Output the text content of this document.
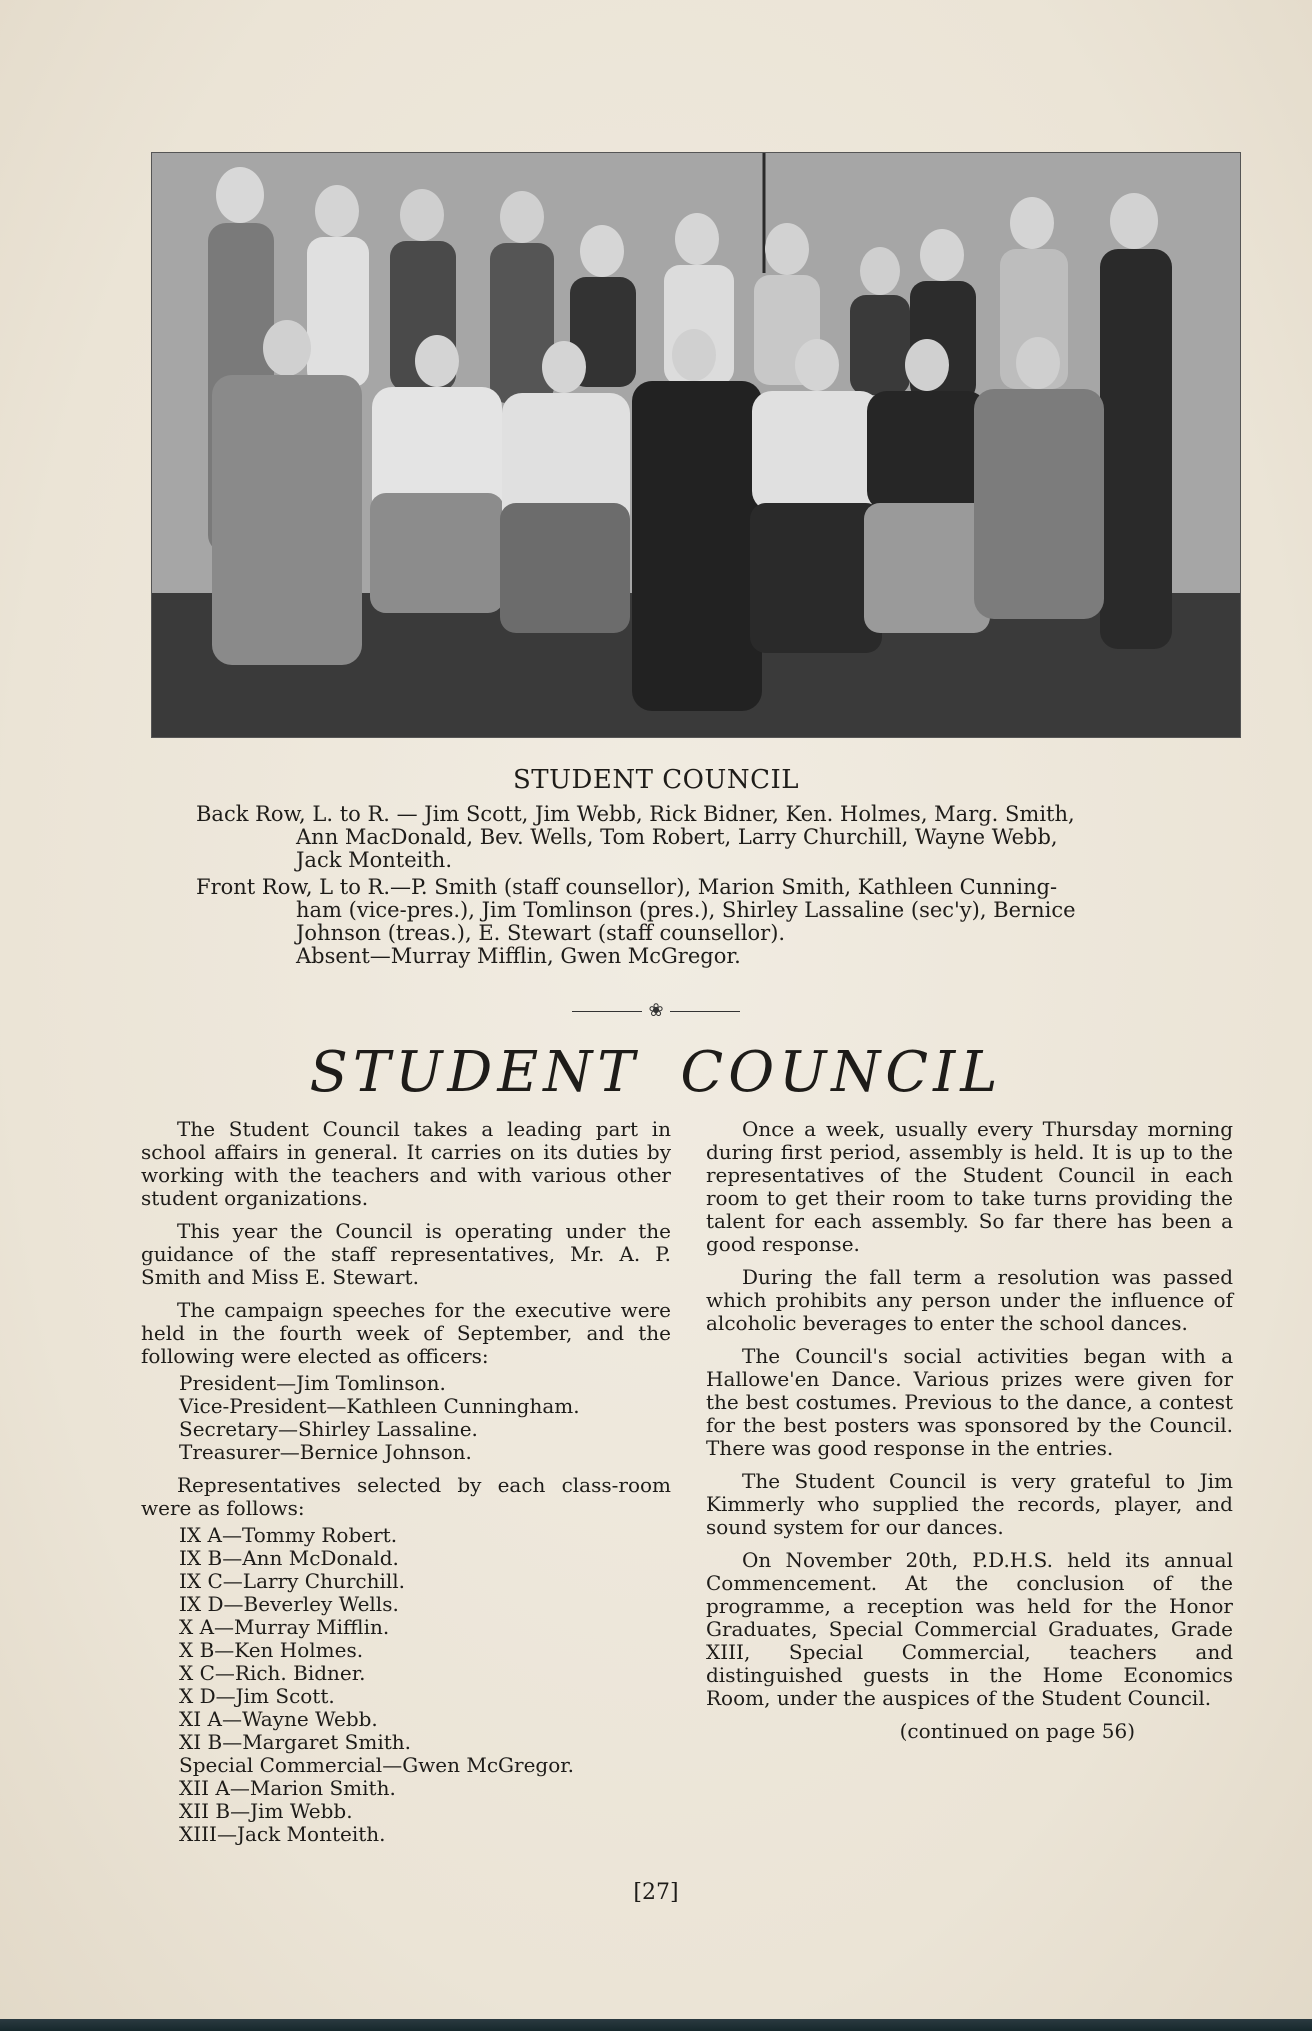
STUDENT COUNCIL
Back Row, L. to R. — Jim Scott, Jim Webb, Rick Bidner, Ken. Holmes, Marg. Smith,
Ann MacDonald, Bev. Wells, Tom Robert, Larry Churchill, Wayne Webb,
Jack Monteith.
Front Row, L to R.—P. Smith (staff counsellor), Marion Smith, Kathleen Cunning-
ham (vice-pres.), Jim Tomlinson (pres.), Shirley Lassaline (sec'y), Bernice
Johnson (treas.), E. Stewart (staff counsellor).
Absent—Murray Mifflin, Gwen McGregor.
❀
STUDENT COUNCIL

The Student Council takes a leading part in school affairs in general. It carries on its duties by working with the teachers and with various other student organizations.

This year the Council is operating under the guidance of the staff representatives, Mr. A. P. Smith and Miss E. Stewart.

The campaign speeches for the executive were held in the fourth week of September, and the following were elected as officers:

President—Jim Tomlinson.
Vice-President—Kathleen Cunningham.
Secretary—Shirley Lassaline.
Treasurer—Bernice Johnson.

Representatives selected by each class-room were as follows:

IX A—Tommy Robert.
IX B—Ann McDonald.
IX C—Larry Churchill.
IX D—Beverley Wells.
X A—Murray Mifflin.
X B—Ken Holmes.
X C—Rich. Bidner.
X D—Jim Scott.
XI A—Wayne Webb.
XI B—Margaret Smith.
Special Commercial—Gwen McGregor.
XII A—Marion Smith.
XII B—Jim Webb.
XIII—Jack Monteith.

Once a week, usually every Thursday morning during first period, assembly is held. It is up to the representatives of the Student Council in each room to get their room to take turns providing the talent for each assembly. So far there has been a good response.

During the fall term a resolution was passed which prohibits any person under the influence of alcoholic beverages to enter the school dances.

The Council's social activities began with a Hallowe'en Dance. Various prizes were given for the best costumes. Previous to the dance, a contest for the best posters was sponsored by the Council. There was good response in the entries.

The Student Council is very grateful to Jim Kimmerly who supplied the records, player, and sound system for our dances.

On November 20th, P.D.H.S. held its annual Commencement. At the conclusion of the programme, a reception was held for the Honor Graduates, Special Commercial Graduates, Grade XIII, Special Commercial, teachers and distinguished guests in the Home Economics Room, under the auspices of the Student Council.

(continued on page 56)
[27]
